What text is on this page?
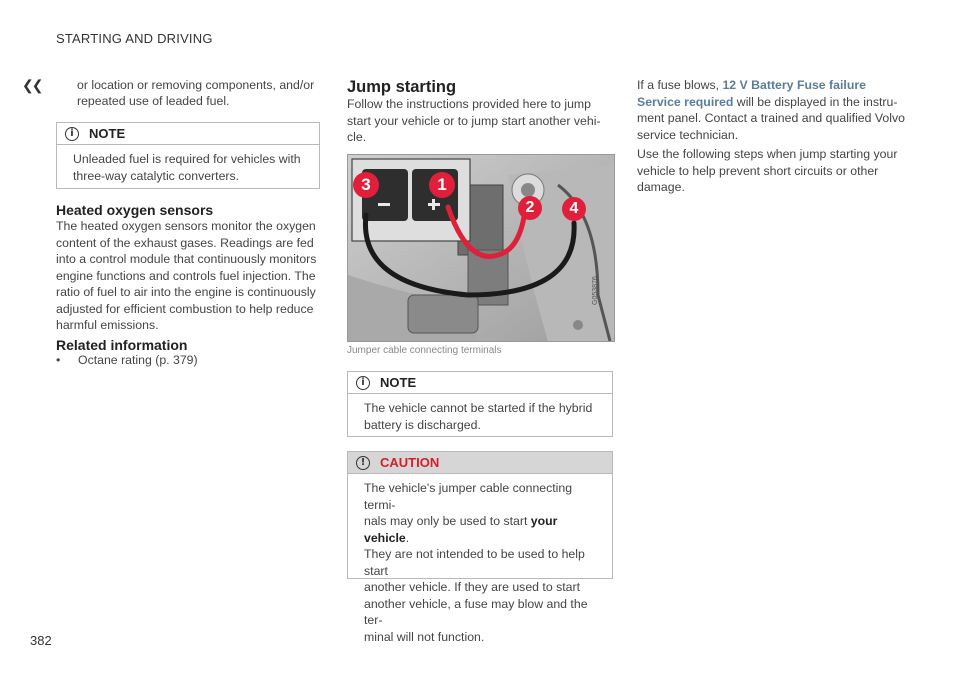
STARTING AND DRIVING
❮❮
382

or location or removing components, and/or

repeated use of leaded fuel.

i	NOTE

Unleaded fuel is required for vehicles with

three-way catalytic converters.

Heated oxygen sensors

The heated oxygen sensors monitor the oxygen

content of the exhaust gases. Readings are fed

into a control module that continuously monitors

engine functions and controls fuel injection. The

ratio of fuel to air into the engine is continuously

adjusted for efficient combustion to help reduce

harmful emissions.

Related information
•	Octane rating (p. 379)
Jump starting

Follow the instructions provided here to jump

start your vehicle or to jump start another vehi-

cle.

3	1
2 4
G053876
Jumper cable connecting terminals
i	NOTE

The vehicle cannot be started if the hybrid

battery is discharged.

!	CAUTION

The vehicle's jumper cable connecting termi-

nals may only be used to start your vehicle.

They are not intended to be used to help start

another vehicle. If they are used to start

another vehicle, a fuse may blow and the ter-

minal will not function.

If a fuse blows, 12 V Battery Fuse failure

Service required will be displayed in the instru-

ment panel. Contact a trained and qualified Volvo

service technician.

Use the following steps when jump starting your

vehicle to help prevent short circuits or other

damage.
